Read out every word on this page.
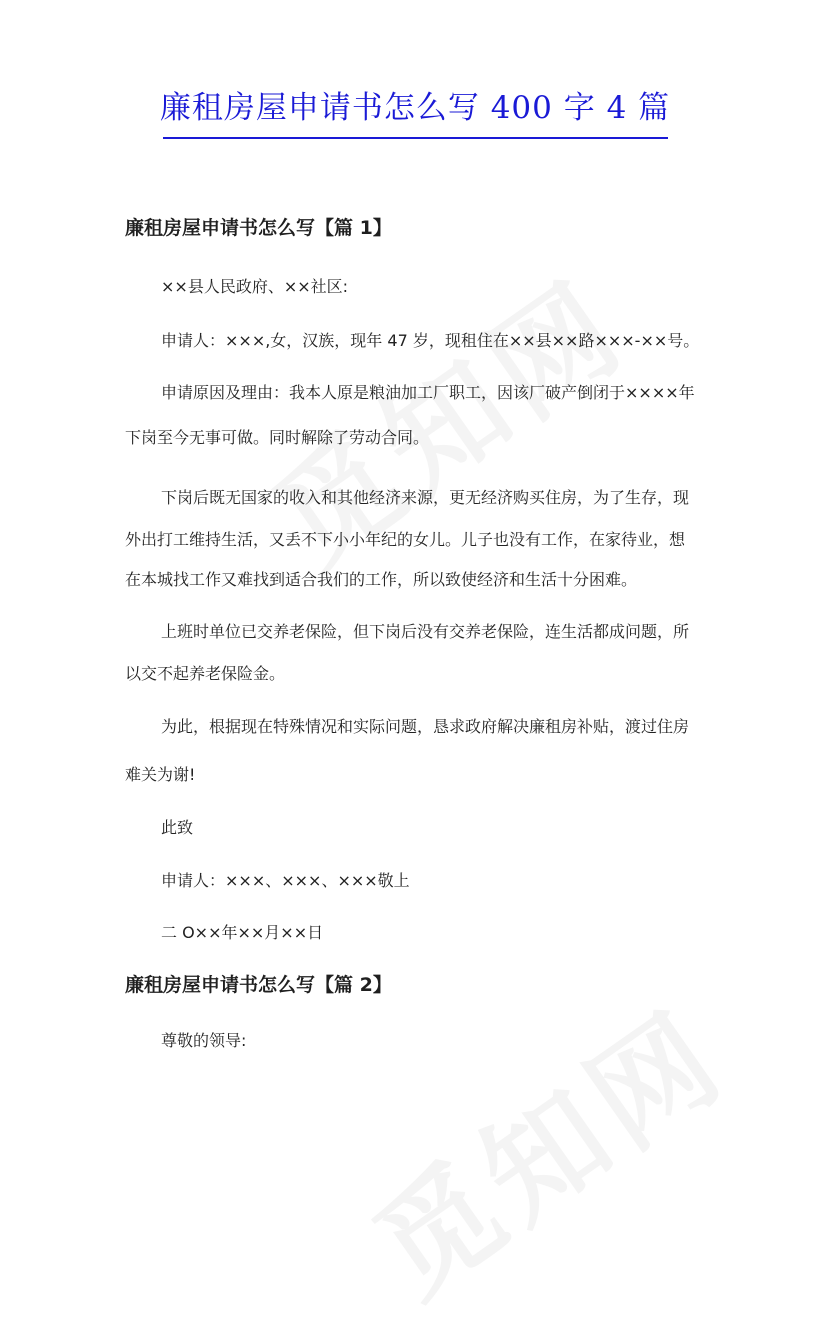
廉租房屋申请书怎么写 400 字 4 篇
廉租房屋申请书怎么写【篇 1】
××县人民政府、××社区:
申请人：×××,女，汉族，现年 47 岁，现租住在××县××路×××-××号。
申请原因及理由：我本人原是粮油加工厂职工，因该厂破产倒闭于××××年
下岗至今无事可做。同时解除了劳动合同。
下岗后既无国家的收入和其他经济来源，更无经济购买住房，为了生存，现
外出打工维持生活，又丢不下小小年纪的女儿。儿子也没有工作，在家待业，想
在本城找工作又难找到适合我们的工作，所以致使经济和生活十分困难。
上班时单位已交养老保险，但下岗后没有交养老保险，连生活都成问题，所
以交不起养老保险金。
为此，根据现在特殊情况和实际问题，恳求政府解决廉租房补贴，渡过住房
难关为谢!
此致
申请人：×××、×××、×××敬上
二 O××年××月××日
廉租房屋申请书怎么写【篇 2】
尊敬的领导:
